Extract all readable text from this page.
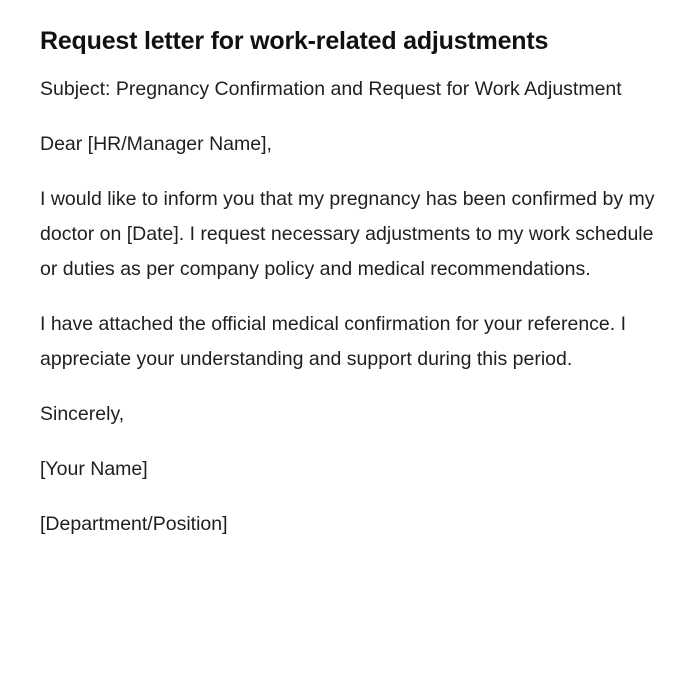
Request letter for work-related adjustments

Subject: Pregnancy Confirmation and Request for Work Adjustment

Dear [HR/Manager Name],

I would like to inform you that my pregnancy has been confirmed by my doctor on [Date]. I request necessary adjustments to my work schedule or duties as per company policy and medical recommendations.

I have attached the official medical confirmation for your reference. I appreciate your understanding and support during this period.

Sincerely,

[Your Name]

[Department/Position]
